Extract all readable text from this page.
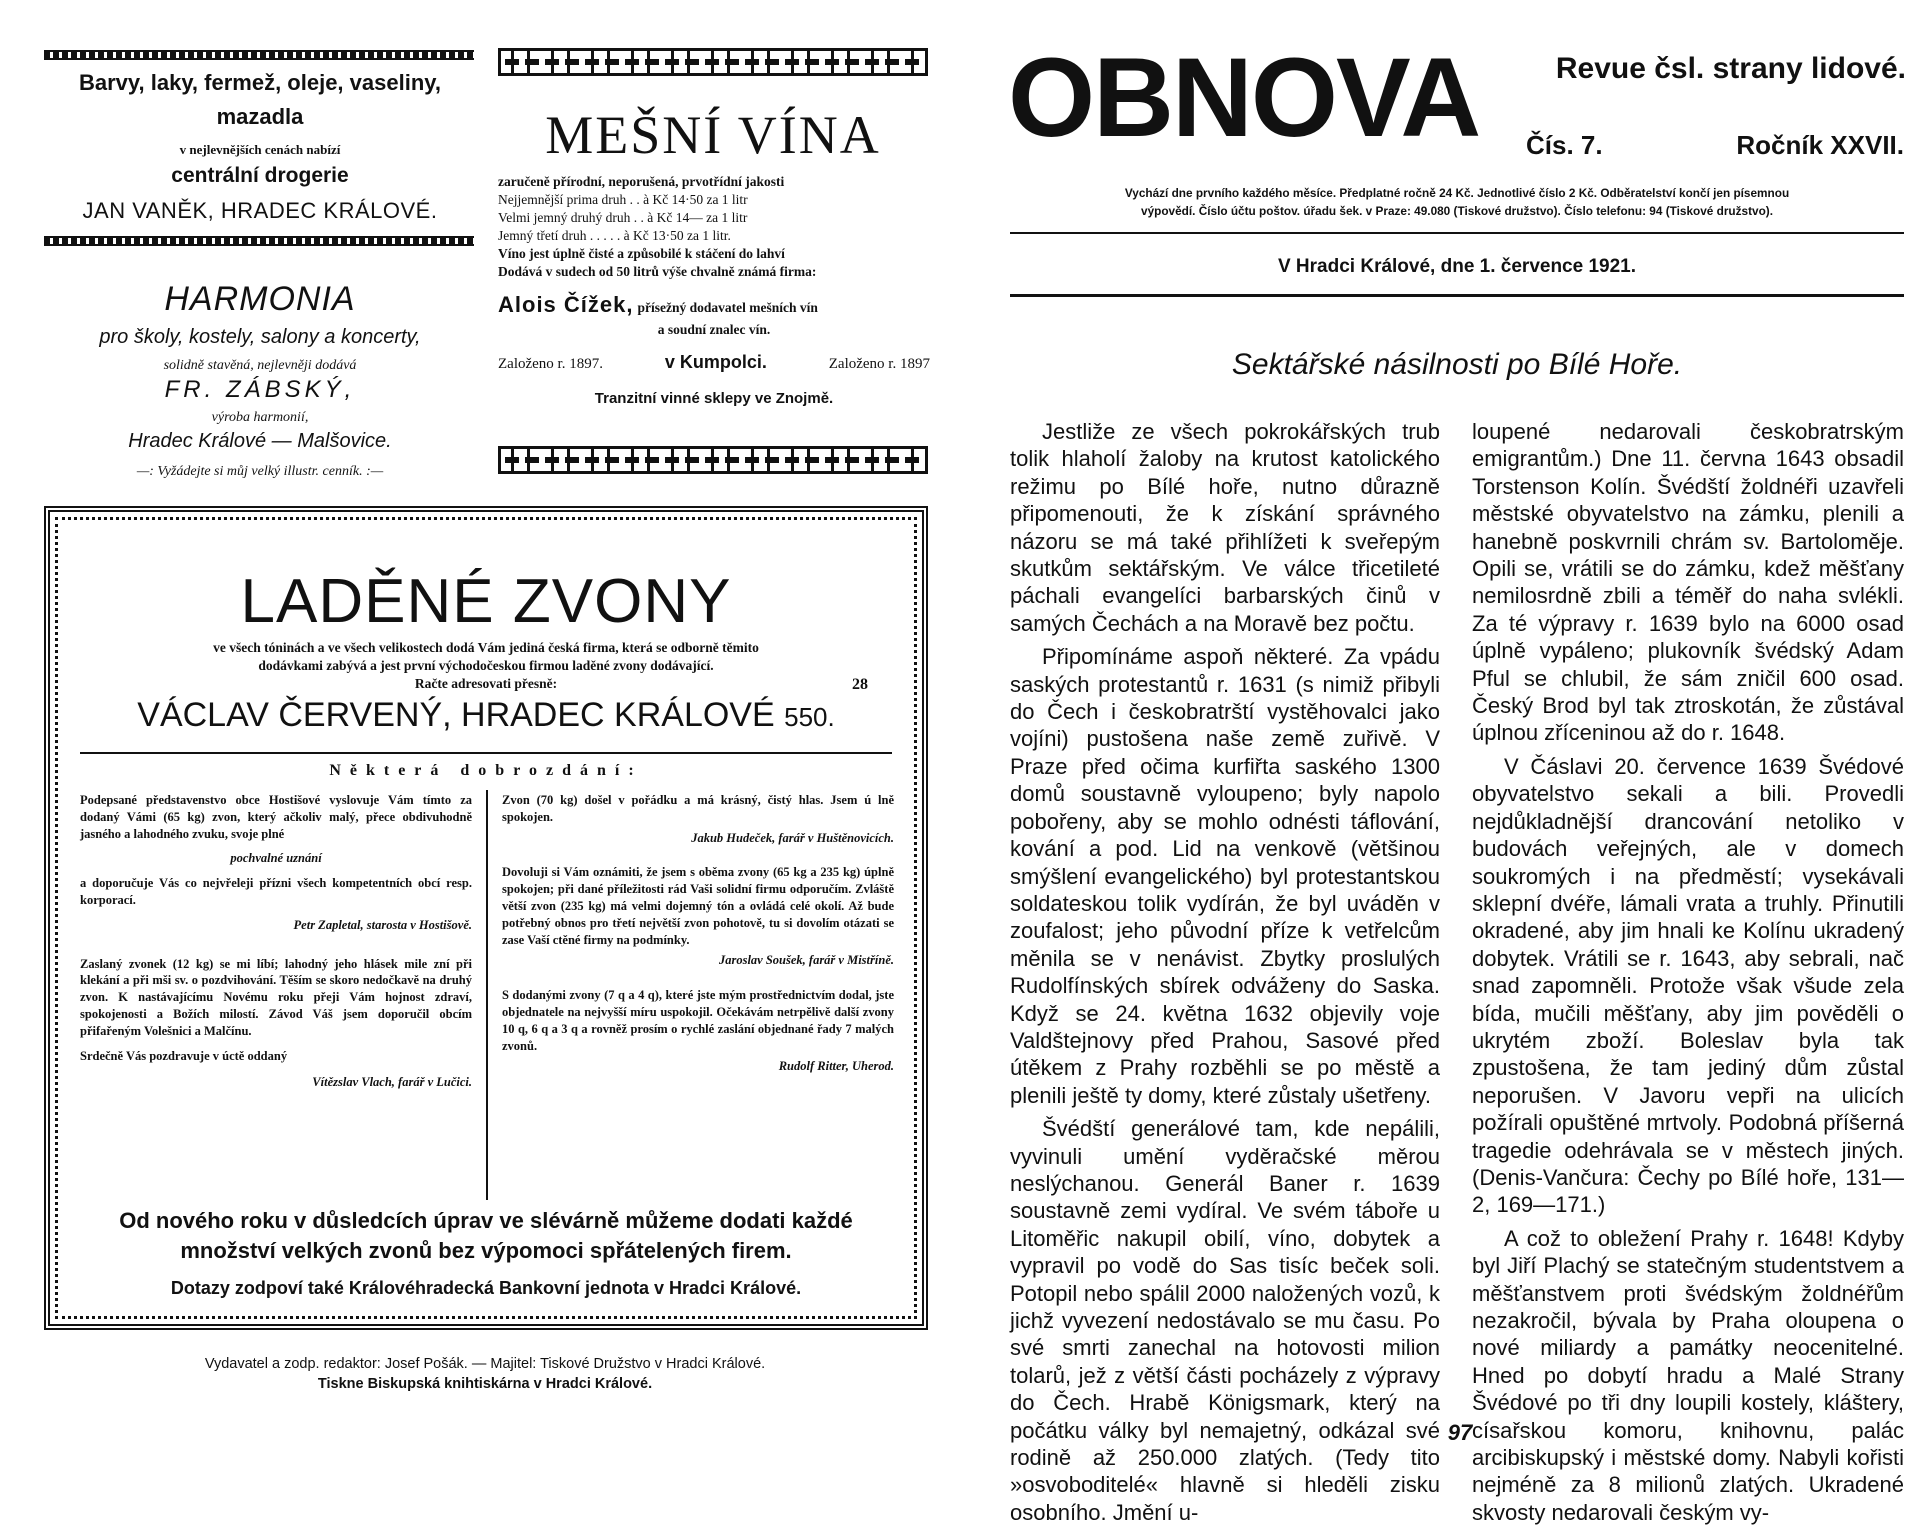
Barvy, laky, fermež, oleje, vaseliny,
mazadla
v nejlevnějších cenách nabízí
centrální drogerie
JAN VANĚK, HRADEC KRÁLOVÉ.
HARMONIA
pro školy, kostely, salony a koncerty,
solidně stavěná, nejlevněji dodává
FR. ZÁBSKÝ,
výroba harmonií,
Hradec Králové — Malšovice.
—: Vyžádejte si můj velký illustr. cenník. :—
MEŠNÍ VÍNA
zaručeně přírodní, neporušená, prvotřídní jakosti
Nejjemnější prima druh . . à Kč 14·50 za 1 litr
Velmi jemný druhý druh . . à Kč 14— za 1 litr
Jemný třetí druh . . . . . à Kč 13·50 za 1 litr.
Víno jest úplně čisté a způsobilé k stáčení do lahví
Dodává v sudech od 50 litrů výše chvalně známá firma:
Alois Čížek, přísežný dodavatel mešních vín
a soudní znalec vín.
Založeno r. 1897.	v Kumpolci.	Založeno r. 1897
Tranzitní vinné sklepy ve Znojmě.
LADĚNÉ ZVONY
ve všech tóninách a ve všech velikostech dodá Vám jediná česká firma, která se odborně těmito
dodávkami zabývá a jest první východočeskou firmou laděné zvony dodávající.
Račte adresovati přesně:	28
VÁCLAV ČERVENÝ, HRADEC KRÁLOVÉ 550.
Některá dobrozdání:

Podepsané představenstvo obce Hostišové vyslovuje Vám tímto za dodaný Vámi (65 kg) zvon, který ačkoliv malý, přece obdivuhodně jasného a lahodného zvuku, svoje plné

pochvalné uznání

a doporučuje Vás co nejvřeleji přízni všech kompetentních obcí resp. korporací.

Petr Zapletal, starosta v Hostišově.

Zaslaný zvonek (12 kg) se mi líbí; lahodný jeho hlásek mile zní při klekání a při mši sv. o pozdvihování. Těším se skoro nedočkavě na druhý zvon. K nastávajícímu Novému roku přeji Vám hojnost zdraví, spokojenosti a Božích milostí. Závod Váš jsem doporučil obcím přifařeným Volešnici a Malčínu.

Srdečně Vás pozdravuje v úctě oddaný

Vítězslav Vlach, farář v Lučici.

Zvon (70 kg) došel v pořádku a má krásný, čistý hlas. Jsem ú lně spokojen.

Jakub Hudeček, farář v Huštěnovicích.

Dovoluji si Vám oznámiti, že jsem s oběma zvony (65 kg a 235 kg) úplně spokojen; při dané příležitosti rád Vaši solidní firmu odporučím. Zvláště větší zvon (235 kg) má velmi dojemný tón a ovládá celé okolí. Až bude potřebný obnos pro třetí největší zvon pohotově, tu si dovolím otázati se zase Vaší ctěné firmy na podmínky.

Jaroslav Soušek, farář v Mistříně.

S dodanými zvony (7 q a 4 q), které jste mým prostřednictvím dodal, jste objednatele na nejvyšší míru uspokojil. Očekávám netrpělivě další zvony 10 q, 6 q a 3 q a rovněž prosím o rychlé zaslání objednané řady 7 malých zvonů.

Rudolf Ritter, Uherod.

Od nového roku v důsledcích úprav ve slévárně můžeme dodati každé
množství velkých zvonů bez výpomoci spřátelených firem.
Dotazy zodpoví také Královéhradecká Bankovní jednota v Hradci Králové.
Vydavatel a zodp. redaktor: Josef Pošák. — Majitel: Tiskové Družstvo v Hradci Králové.
Tiskne Biskupská knihtiskárna v Hradci Králové.
OBNOVA	Revue čsl. strany lidové.
Čís. 7.	Ročník XXVII.
Vychází dne prvního každého měsíce. Předplatné ročně 24 Kč. Jednotlivé číslo 2 Kč. Odběratelství končí jen písemnou
výpovědí. Číslo účtu poštov. úřadu šek. v Praze: 49.080 (Tiskové družstvo). Číslo telefonu: 94 (Tiskové družstvo).
V Hradci Králové, dne 1. července 1921.
Sektářské násilnosti po Bílé Hoře.

Jestliže ze všech pokrokářských trub tolik hlaholí žaloby na krutost katolického režimu po Bílé hoře, nutno důrazně připomenouti, že k získání správného názoru se má také přihlížeti k sveřepým skutkům sektářským. Ve válce třicetileté páchali evangelíci barbarských činů v samých Čechách a na Moravě bez počtu.

Připomínáme aspoň některé. Za vpádu saských protestantů r. 1631 (s nimiž přibyli do Čech i českobratrští vystěhovalci jako vojíni) pustošena naše země zuřivě. V Praze před očima kurfiřta saského 1300 domů soustavně vyloupeno; byly napolo pobořeny, aby se mohlo odnésti táflování, kování a pod. Lid na venkově (většinou smýšlení evangelického) byl protestantskou soldateskou tolik vydírán, že byl uváděn v zoufalost; jeho původní příze k vetřelcům měnila se v nenávist. Zbytky proslulých Rudolfínských sbírek odváženy do Saska. Když se 24. května 1632 objevily voje Valdštejnovy před Prahou, Sasové před útěkem z Prahy rozběhli se po městě a plenili ještě ty domy, které zůstaly ušetřeny.

Švédští generálové tam, kde nepálili, vyvinuli umění vyděračské měrou neslýchanou. Generál Baner r. 1639 soustavně zemi vydíral. Ve svém táboře u Litoměřic nakupil obilí, víno, dobytek a vypravil po vodě do Sas tisíc beček soli. Potopil nebo spálil 2000 naložených vozů, k jichž vyvezení nedostávalo se mu času. Po své smrti zanechal na hotovosti milion tolarů, jež z větší části pocházely z výpravy do Čech. Hrabě Königsmark, který na počátku války byl nemajetný, odkázal své rodině až 250.000 zlatých. (Tedy tito »osvoboditelé« hlavně si hleděli zisku osobního. Jmění u-

loupené nedarovali českobratrským emigrantům.) Dne 11. června 1643 obsadil Torstenson Kolín. Švédští žoldnéři uzavřeli městské obyvatelstvo na zámku, plenili a hanebně poskvrnili chrám sv. Bartoloměje. Opili se, vrátili se do zámku, kdež měšťany nemilosrdně zbili a téměř do naha svlékli. Za té výpravy r. 1639 bylo na 6000 osad úplně vypáleno; plukovník švédský Adam Pful se chlubil, že sám zničil 600 osad. Český Brod byl tak ztroskotán, že zůstával úplnou zříceninou až do r. 1648.

V Čáslavi 20. července 1639 Švédové obyvatelstvo sekali a bili. Provedli nejdůkladnější drancování netoliko v budovách veřejných, ale v domech soukromých i na předměstí; vysekávali sklepní dvéře, lámali vrata a truhly. Přinutili okradené, aby jim hnali ke Kolínu ukradený dobytek. Vrátili se r. 1643, aby sebrali, nač snad zapomněli. Protože však všude zela bída, mučili měšťany, aby jim pověděli o ukrytém zboží. Boleslav byla tak zpustošena, že tam jediný dům zůstal neporušen. V Javoru vepři na ulicích požírali opuštěné mrtvoly. Podobná příšerná tragedie odehrávala se v městech jiných. (Denis-Vančura: Čechy po Bílé hoře, 131—2, 169—171.)

A což to obležení Prahy r. 1648! Kdyby byl Jiří Plachý se statečným studentstvem a měšťanstvem proti švédským žoldnéřům nezakročil, bývala by Praha oloupena o nové miliardy a památky neocenitelné. Hned po dobytí hradu a Malé Strany Švédové po tři dny loupili kostely, kláštery, císařskou komoru, knihovnu, palác arcibiskupský i městské domy. Nabyli kořisti nejméně za 8 milionů zlatých. Ukradené skvosty nedarovali českým vy-

97
